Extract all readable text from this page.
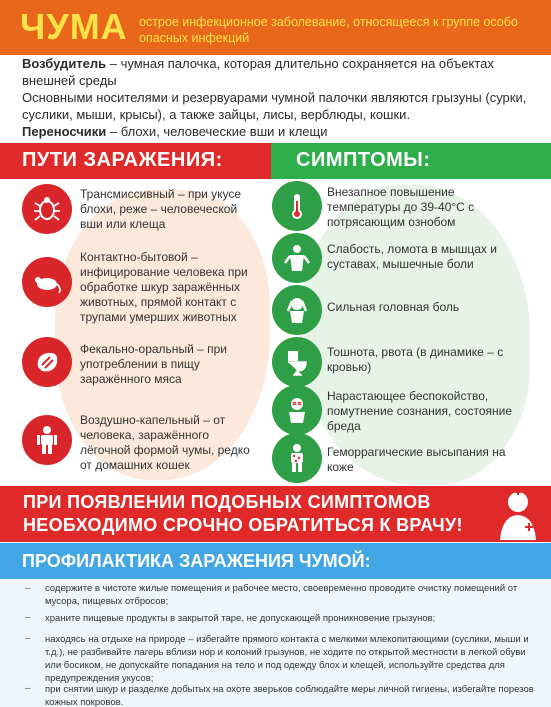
ЧУМА острое инфекционное заболевание, относящееся к группе особо опасных инфекций

Возбудитель – чумная палочка, которая длительно сохраняется на объектах внешней среды

Основными носителями и резервуарами чумной палочки являются грызуны (сурки, суслики, мыши, крысы), а также зайцы, лисы, верблюды, кошки.

Переносчики – блохи, человеческие вши и клещи

ПУТИ ЗАРАЖЕНИЯ:	СИМПТОМЫ:
Трансмиссивный – при укусе блохи, реже – человеческой вши или клеща
Контактно-бытовой – инфицирование человека при обработке шкур заражённых животных, прямой контакт с трупами умерших животных
Фекально-оральный – при употреблении в пищу заражённого мяса
Воздушно-капельный – от человека, заражённого лёгочной формой чумы, редко от домашних кошек
Внезапное повышение температуры до 39-40°С с потрясающим ознобом
Слабость, ломота в мышцах и суставах, мышечные боли
Сильная головная боль
Тошнота, рвота (в динамике – с кровью)
Нарастающее беспокойство, помутнение сознания, состояние бреда
Геморрагические высыпания на коже
ПРИ ПОЯВЛЕНИИ ПОДОБНЫХ СИМПТОМОВ
НЕОБХОДИМО СРОЧНО ОБРАТИТЬСЯ К ВРАЧУ!
ПРОФИЛАКТИКА ЗАРАЖЕНИЯ ЧУМОЙ:
– содержите в чистоте жилые помещения и рабочее место, своевременно проводите очистку помещений от мусора, пищевых отбросов;
– храните пищевые продукты в закрытой таре, не допускающей проникновение грызунов;
– находясь на отдыхе на природе – избегайте прямого контакта с мелкими млекопитающими (суслики, мыши и т.д.), не разбивайте лагерь вблизи нор и колоний грызунов, не ходите по открытой местности в легкой обуви или босиком, не допускайте попадания на тело и под одежду блох и клещей, используйте средства для предупреждения укусов;
– при снятии шкур и разделке добытых на охоте зверьков соблюдайте меры личной гигиены, избегайте порезов кожных покровов.
